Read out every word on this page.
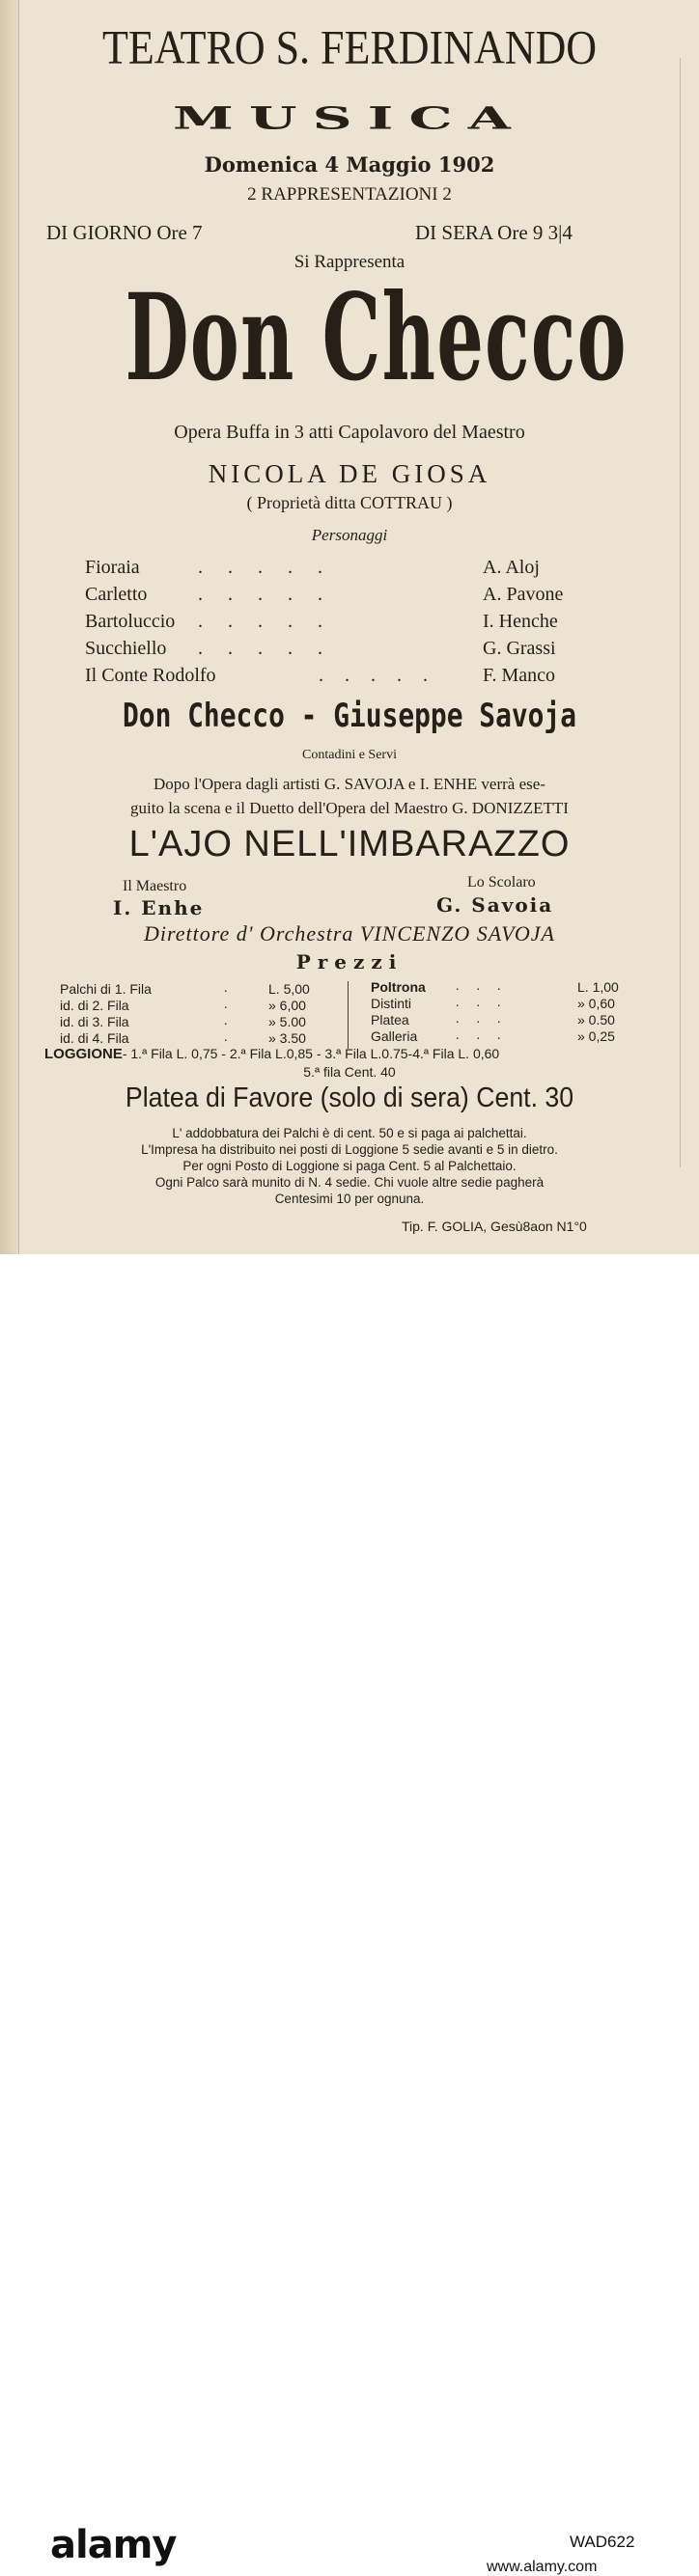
TEATRO S. FERDINANDO
MUSICA
Domenica 4 Maggio 1902
2 RAPPRESENTAZIONI 2
DI GIORNO Ore 7	DI SERA Ore 9 3|4
Si Rappresenta
Don Checco
Opera Buffa in 3 atti Capolavoro del Maestro
NICOLA DE GIOSA
( Proprietà ditta COTTRAU )
Personaggi
Fioraia	.....	A. Aloj
Carletto	.....	A. Pavone
Bartoluccio .....	I. Henche
Succhiello .....	G. Grassi
Il Conte Rodolfo	..... F. Manco
Don Checco - Giuseppe Savoja
Contadini e Servi
Dopo l'Opera dagli artisti G. SAVOJA e I. ENHE verrà ese-
guito la scena e il Duetto dell'Opera del Maestro G. DONIZZETTI
L'AJO NELL'IMBARAZZO
Il Maestro	Lo Scolaro
I. Enhe	G. Savoia
Direttore d' Orchestra VINCENZO SAVOJA
Prezzi
Palchi di 1. Fila	.	L. 5,00
id. di 2. Fila	.	» 6,00
id. di 3. Fila	.	» 5.00
id. di 4. Fila	.	» 3.50
Poltrona ...	L. 1,00
Distinti	...	» 0,60
Platea	...	» 0.50
Galleria	...	» 0,25
LOGGIONE- 1.ª Fila L. 0,75 - 2.ª Fila L.0,85 - 3.ª Fila L.0.75-4.ª Fila L. 0,60
5.ª fila Cent. 40
Platea di Favore (solo di sera) Cent. 30
L' addobbatura dei Palchi è di cent. 50 e si paga ai palchettai.
L'Impresa ha distribuito nei posti di Loggione 5 sedie avanti e 5 in dietro.
Per ogni Posto di Loggione si paga Cent. 5 al Palchettaio.
Ogni Palco sarà munito di N. 4 sedie. Chi vuole altre sedie pagherà
Centesimi 10 per ognuna.
Tip. F. GOLIA, Gesù8aon N1°0
alamy	WAD622
www.alamy.com
